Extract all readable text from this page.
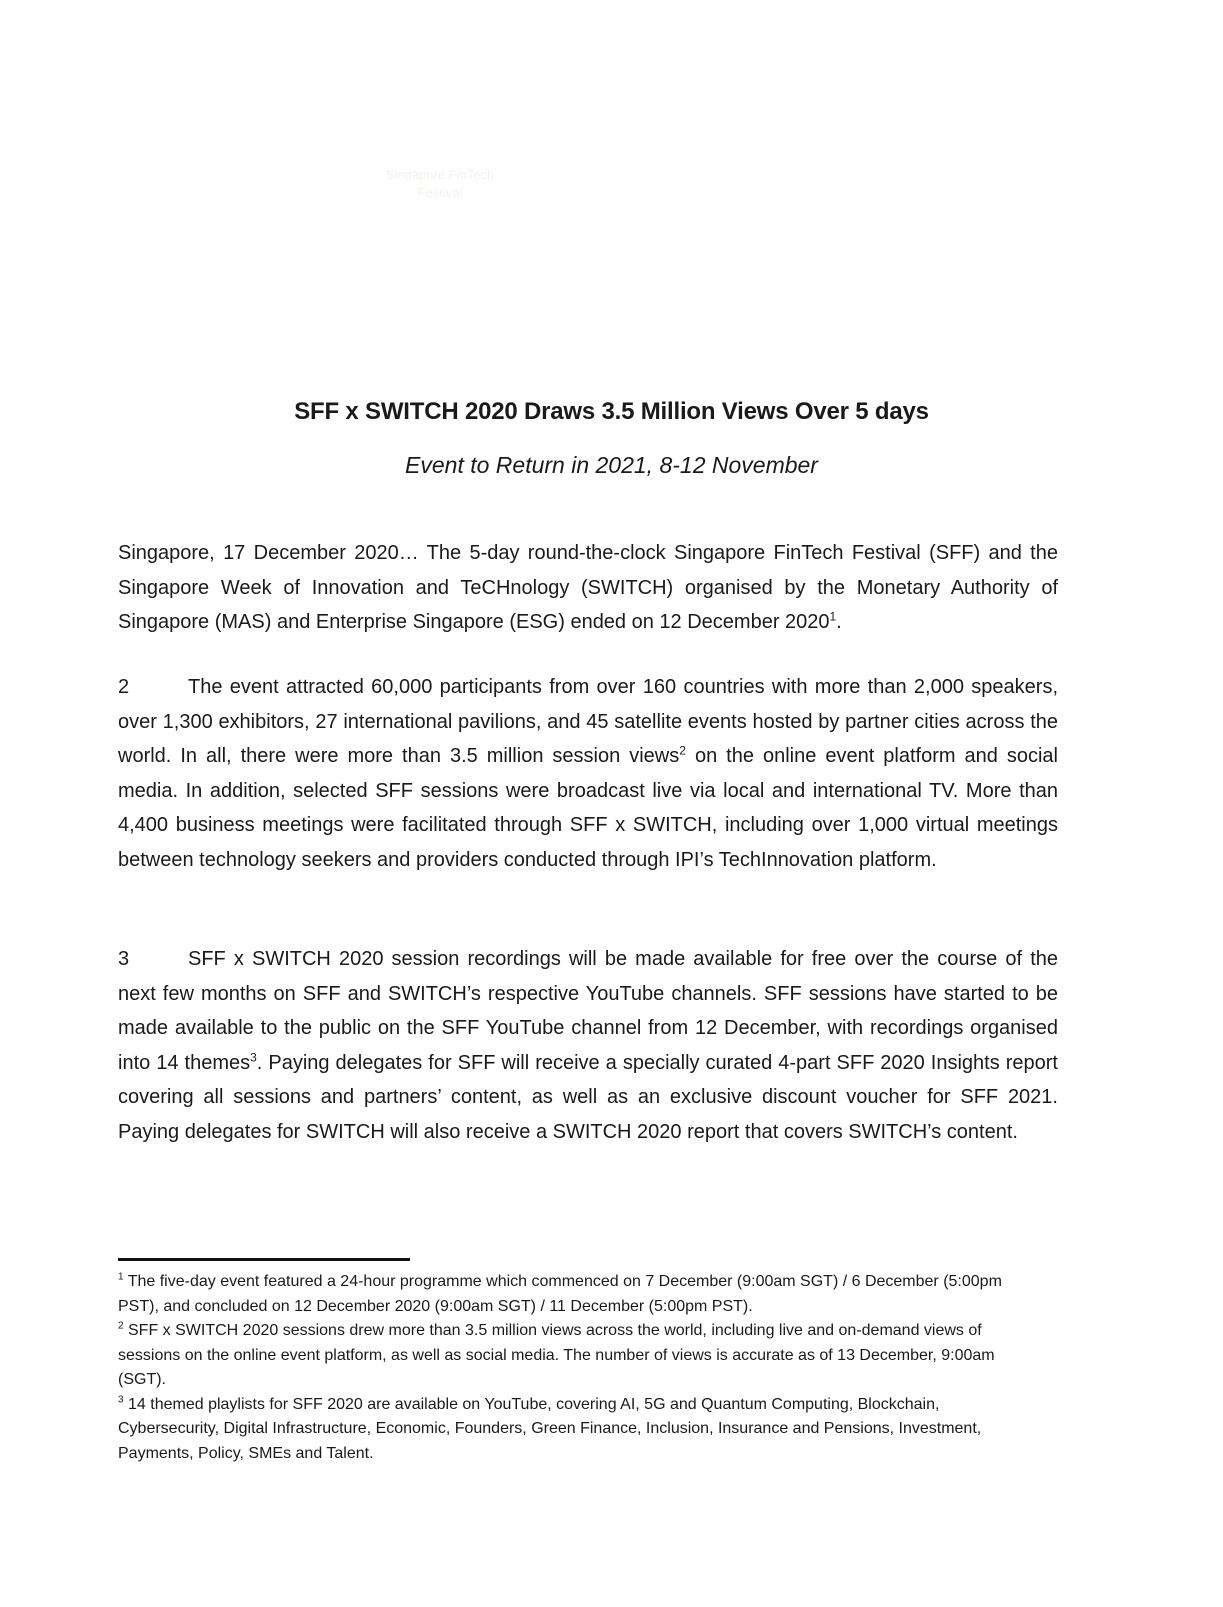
Singapore FinTech
Festival
SFF x SWITCH 2020 Draws 3.5 Million Views Over 5 days
Event to Return in 2021, 8-12 November
Singapore, 17 December 2020… The 5-day round-the-clock Singapore FinTech Festival (SFF) and the Singapore Week of Innovation and TeCHnology (SWITCH) organised by the Monetary Authority of Singapore (MAS) and Enterprise Singapore (ESG) ended on 12 December 2020$^1$.
2	The event attracted 60,000 participants from over 160 countries with more than 2,000 speakers, over 1,300 exhibitors, 27 international pavilions, and 45 satellite events hosted by partner cities across the world. In all, there were more than 3.5 million session views$^2$ on the online event platform and social media. In addition, selected SFF sessions were broadcast live via local and international TV. More than 4,400 business meetings were facilitated through SFF x SWITCH, including over 1,000 virtual meetings between technology seekers and providers conducted through IPI’s TechInnovation platform.
3	SFF x SWITCH 2020 session recordings will be made available for free over the course of the next few months on SFF and SWITCH’s respective YouTube channels. SFF sessions have started to be made available to the public on the SFF YouTube channel from 12 December, with recordings organised into 14 themes$^3$. Paying delegates for SFF will receive a specially curated 4-part SFF 2020 Insights report covering all sessions and partners’ content, as well as an exclusive discount voucher for SFF 2021. Paying delegates for SWITCH will also receive a SWITCH 2020 report that covers SWITCH’s content.
$^1$ The five-day event featured a 24-hour programme which commenced on 7 December (9:00am SGT) / 6 December (5:00pm PST), and concluded on 12 December 2020 (9:00am SGT) / 11 December (5:00pm PST).
$^2$ SFF x SWITCH 2020 sessions drew more than 3.5 million views across the world, including live and on-demand views of sessions on the online event platform, as well as social media. The number of views is accurate as of 13 December, 9:00am (SGT).
$^3$ 14 themed playlists for SFF 2020 are available on YouTube, covering AI, 5G and Quantum Computing, Blockchain, Cybersecurity, Digital Infrastructure, Economic, Founders, Green Finance, Inclusion, Insurance and Pensions, Investment, Payments, Policy, SMEs and Talent.
